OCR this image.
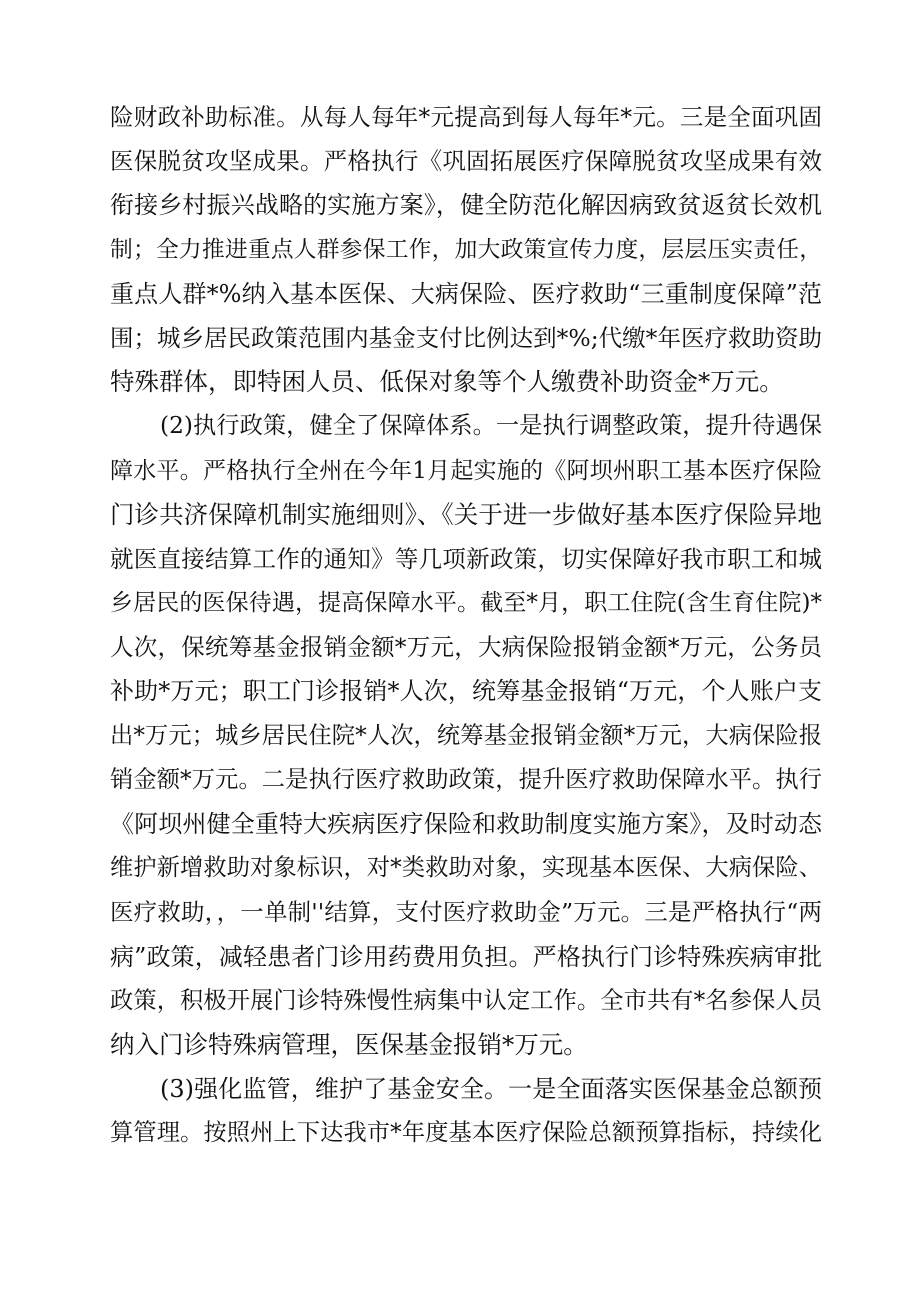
险财政补助标准。从每人每年*元提高到每人每年*元。三是全面巩固
医保脱贫攻坚成果。严格执行《巩固拓展医疗保障脱贫攻坚成果有效
衔接乡村振兴战略的实施方案》，健全防范化解因病致贫返贫长效机
制；全力推进重点人群参保工作，加大政策宣传力度，层层压实责任，
重点人群*%纳入基本医保、大病保险、医疗救助“三重制度保障”范
围；城乡居民政策范围内基金支付比例达到*%;代缴*年医疗救助资助
特殊群体，即特困人员、低保对象等个人缴费补助资金*万元。
(2)执行政策，健全了保障体系。一是执行调整政策，提升待遇保
障水平。严格执行全州在今年1月起实施的《阿坝州职工基本医疗保险
门诊共济保障机制实施细则》、《关于进一步做好基本医疗保险异地
就医直接结算工作的通知》等几项新政策，切实保障好我市职工和城
乡居民的医保待遇，提高保障水平。截至*月，职工住院(含生育住院)*
人次，保统筹基金报销金额*万元，大病保险报销金额*万元，公务员
补助*万元；职工门诊报销*人次，统筹基金报销“万元，个人账户支
出*万元；城乡居民住院*人次，统筹基金报销金额*万元，大病保险报
销金额*万元。二是执行医疗救助政策，提升医疗救助保障水平。执行
《阿坝州健全重特大疾病医疗保险和救助制度实施方案》，及时动态
维护新增救助对象标识，对*类救助对象，实现基本医保、大病保险、
医疗救助，，一单制''结算，支付医疗救助金”万元。三是严格执行“两
病”政策，减轻患者门诊用药费用负担。严格执行门诊特殊疾病审批
政策，积极开展门诊特殊慢性病集中认定工作。全市共有*名参保人员
纳入门诊特殊病管理，医保基金报销*万元。
(3)强化监管，维护了基金安全。一是全面落实医保基金总额预
算管理。按照州上下达我市*年度基本医疗保险总额预算指标，持续化
